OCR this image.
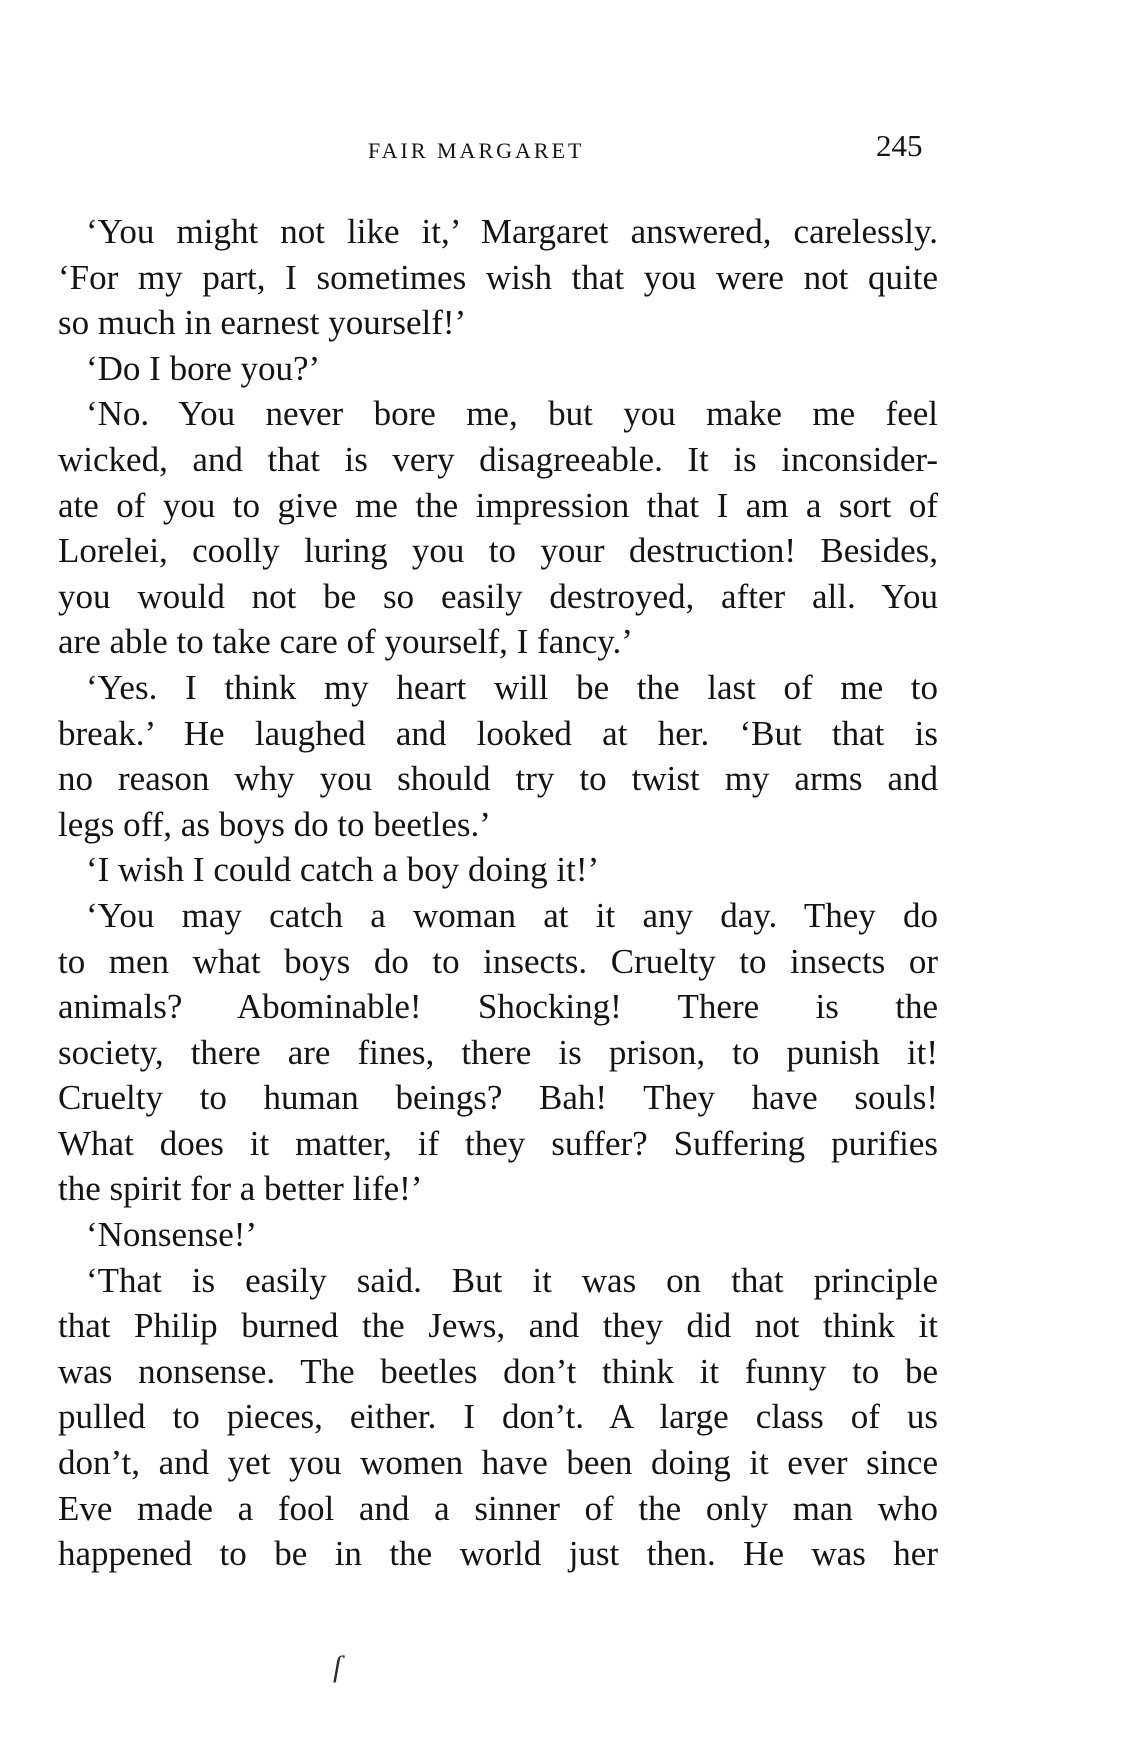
FAIR MARGARET	245
‘You might not like it,’ Margaret answered, carelessly.
‘For my part, I sometimes wish that you were not quite
so much in earnest yourself!’
‘Do I bore you?’
‘No. You never bore me, but you make me feel
wicked, and that is very disagreeable. It is inconsider-
ate of you to give me the impression that I am a sort of
Lorelei, coolly luring you to your destruction! Besides,
you would not be so easily destroyed, after all. You
are able to take care of yourself, I fancy.’
‘Yes. I think my heart will be the last of me to
break.’ He laughed and looked at her. ‘But that is
no reason why you should try to twist my arms and
legs off, as boys do to beetles.’
‘I wish I could catch a boy doing it!’
‘You may catch a woman at it any day. They do
to men what boys do to insects. Cruelty to insects or
animals? Abominable! Shocking! There is the
society, there are fines, there is prison, to punish it!
Cruelty to human beings? Bah! They have souls!
What does it matter, if they suffer? Suffering purifies
the spirit for a better life!’
‘Nonsense!’
‘That is easily said. But it was on that principle
that Philip burned the Jews, and they did not think it
was nonsense. The beetles don’t think it funny to be
pulled to pieces, either. I don’t. A large class of us
don’t, and yet you women have been doing it ever since
Eve made a fool and a sinner of the only man who
happened to be in the world just then. He was her
ſ
